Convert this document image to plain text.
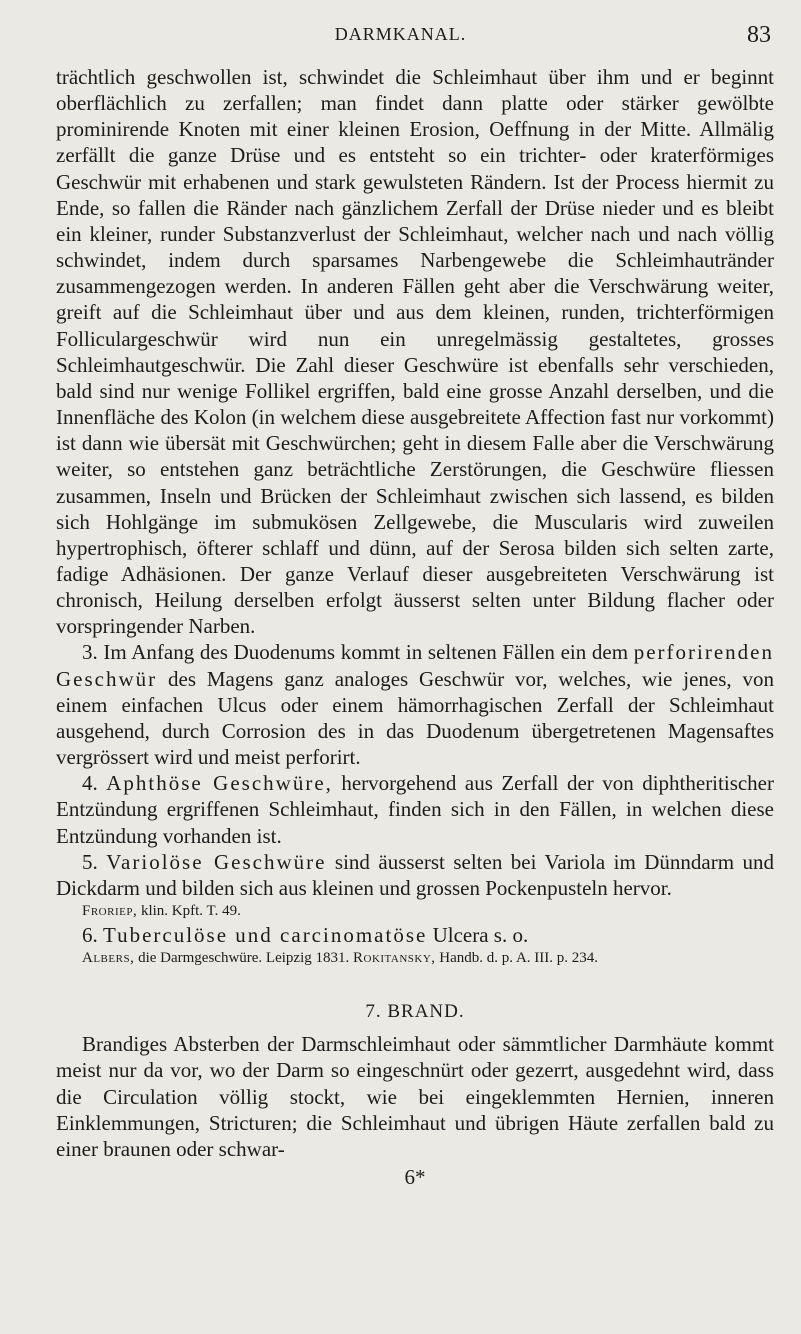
DARMKANAL.	83

trächtlich geschwollen ist, schwindet die Schleimhaut über ihm und er beginnt oberflächlich zu zerfallen; man findet dann platte oder stärker gewölbte prominirende Knoten mit einer kleinen Erosion, Oeffnung in der Mitte. Allmälig zerfällt die ganze Drüse und es entsteht so ein trichter- oder kraterförmiges Geschwür mit erhabenen und stark gewulsteten Rändern. Ist der Process hiermit zu Ende, so fallen die Ränder nach gänzlichem Zerfall der Drüse nieder und es bleibt ein kleiner, runder Substanzverlust der Schleimhaut, welcher nach und nach völlig schwindet, indem durch sparsames Narbengewebe die Schleimhautränder zusammengezogen werden. In anderen Fällen geht aber die Verschwärung weiter, greift auf die Schleimhaut über und aus dem kleinen, runden, trichterförmigen Folliculargeschwür wird nun ein unregelmässig gestaltetes, grosses Schleimhautgeschwür. Die Zahl dieser Geschwüre ist ebenfalls sehr verschieden, bald sind nur wenige Follikel ergriffen, bald eine grosse Anzahl derselben, und die Innenfläche des Kolon (in welchem diese ausgebreitete Affection fast nur vorkommt) ist dann wie übersät mit Geschwürchen; geht in diesem Falle aber die Verschwärung weiter, so entstehen ganz beträchtliche Zerstörungen, die Geschwüre fliessen zusammen, Inseln und Brücken der Schleimhaut zwischen sich lassend, es bilden sich Hohlgänge im submukösen Zellgewebe, die Muscularis wird zuweilen hypertrophisch, öfterer schlaff und dünn, auf der Serosa bilden sich selten zarte, fadige Adhäsionen. Der ganze Verlauf dieser ausgebreiteten Verschwärung ist chronisch, Heilung derselben erfolgt äusserst selten unter Bildung flacher oder vorspringender Narben.

3. Im Anfang des Duodenums kommt in seltenen Fällen ein dem perforirenden Geschwür des Magens ganz analoges Geschwür vor, welches, wie jenes, von einem einfachen Ulcus oder einem hämorrhagischen Zerfall der Schleimhaut ausgehend, durch Corrosion des in das Duodenum übergetretenen Magensaftes vergrössert wird und meist perforirt.

4. Aphthöse Geschwüre, hervorgehend aus Zerfall der von diphtheritischer Entzündung ergriffenen Schleimhaut, finden sich in den Fällen, in welchen diese Entzündung vorhanden ist.

5. Variolöse Geschwüre sind äusserst selten bei Variola im Dünndarm und Dickdarm und bilden sich aus kleinen und grossen Pockenpusteln hervor.

Froriep, klin. Kpft. T. 49.

6. Tuberculöse und carcinomatöse Ulcera s. o.

Albers, die Darmgeschwüre. Leipzig 1831. Rokitansky, Handb. d. p. A. III. p. 234.

7. BRAND.

Brandiges Absterben der Darmschleimhaut oder sämmtlicher Darmhäute kommt meist nur da vor, wo der Darm so eingeschnürt oder gezerrt, ausgedehnt wird, dass die Circulation völlig stockt, wie bei eingeklemmten Hernien, inneren Einklemmungen, Stricturen; die Schleimhaut und übrigen Häute zerfallen bald zu einer braunen oder schwar-

6*
